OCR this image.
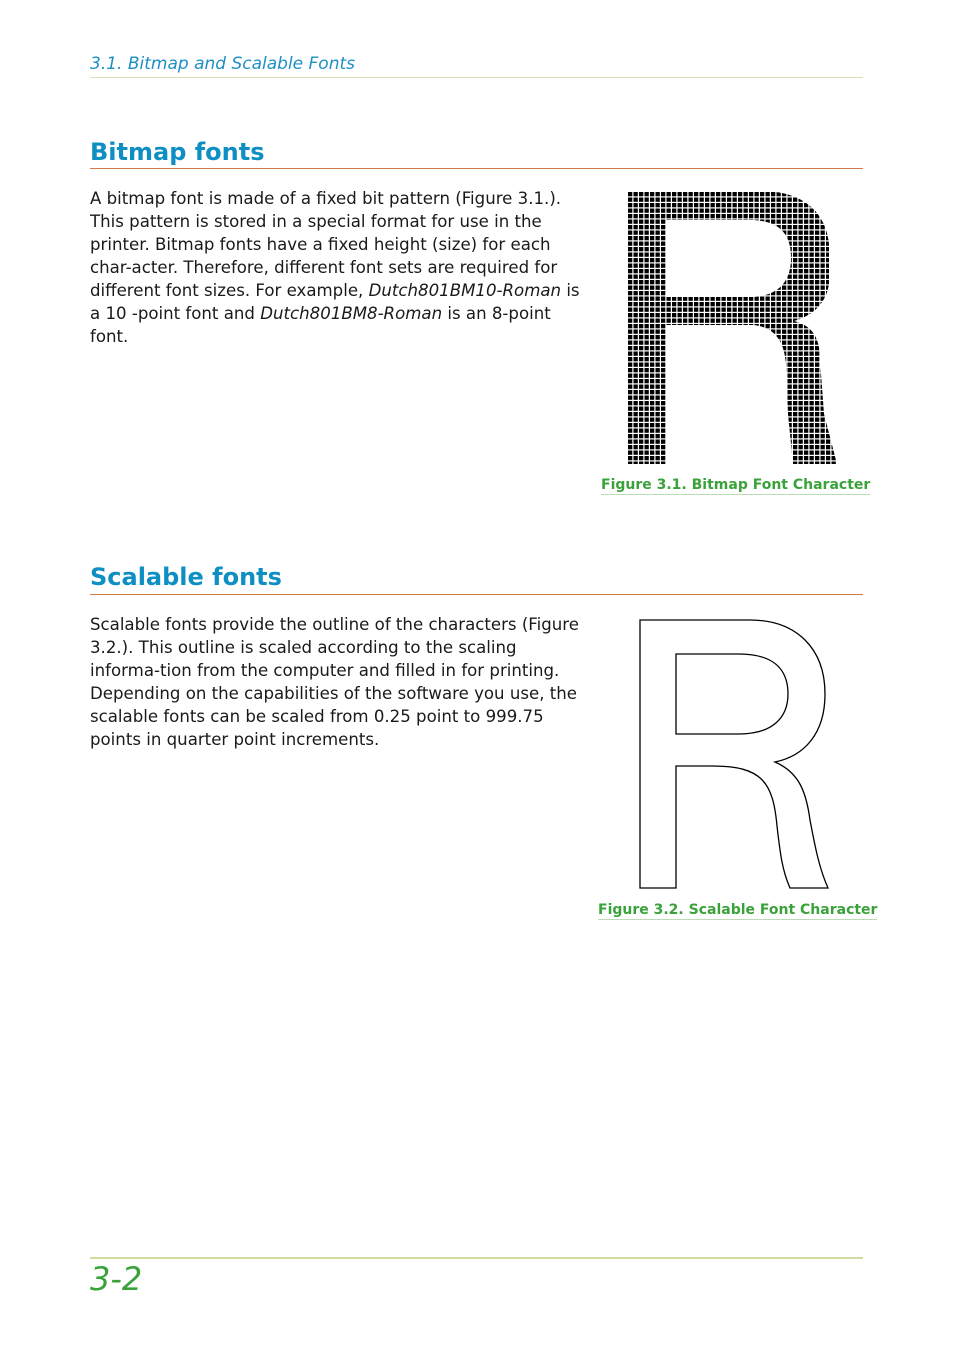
3.1. Bitmap and Scalable Fonts
Bitmap fonts
A bitmap font is made of a fixed bit pattern (Figure 3.1.). This pattern is stored in a special format for use in the printer. Bitmap fonts have a fixed height (size) for each char-acter. Therefore, different font sets are required for different font sizes. For example, Dutch801BM10-Roman is a 10 -point font and Dutch801BM8-Roman is an 8-point font.
Figure 3.1. Bitmap Font Character
Scalable fonts
Scalable fonts provide the outline of the characters (Figure 3.2.). This outline is scaled according to the scaling informa-tion from the computer and filled in for printing. Depending on the capabilities of the software you use, the scalable fonts can be scaled from 0.25 point to 999.75 points in quarter point increments.
Figure 3.2. Scalable Font Character
3-2
